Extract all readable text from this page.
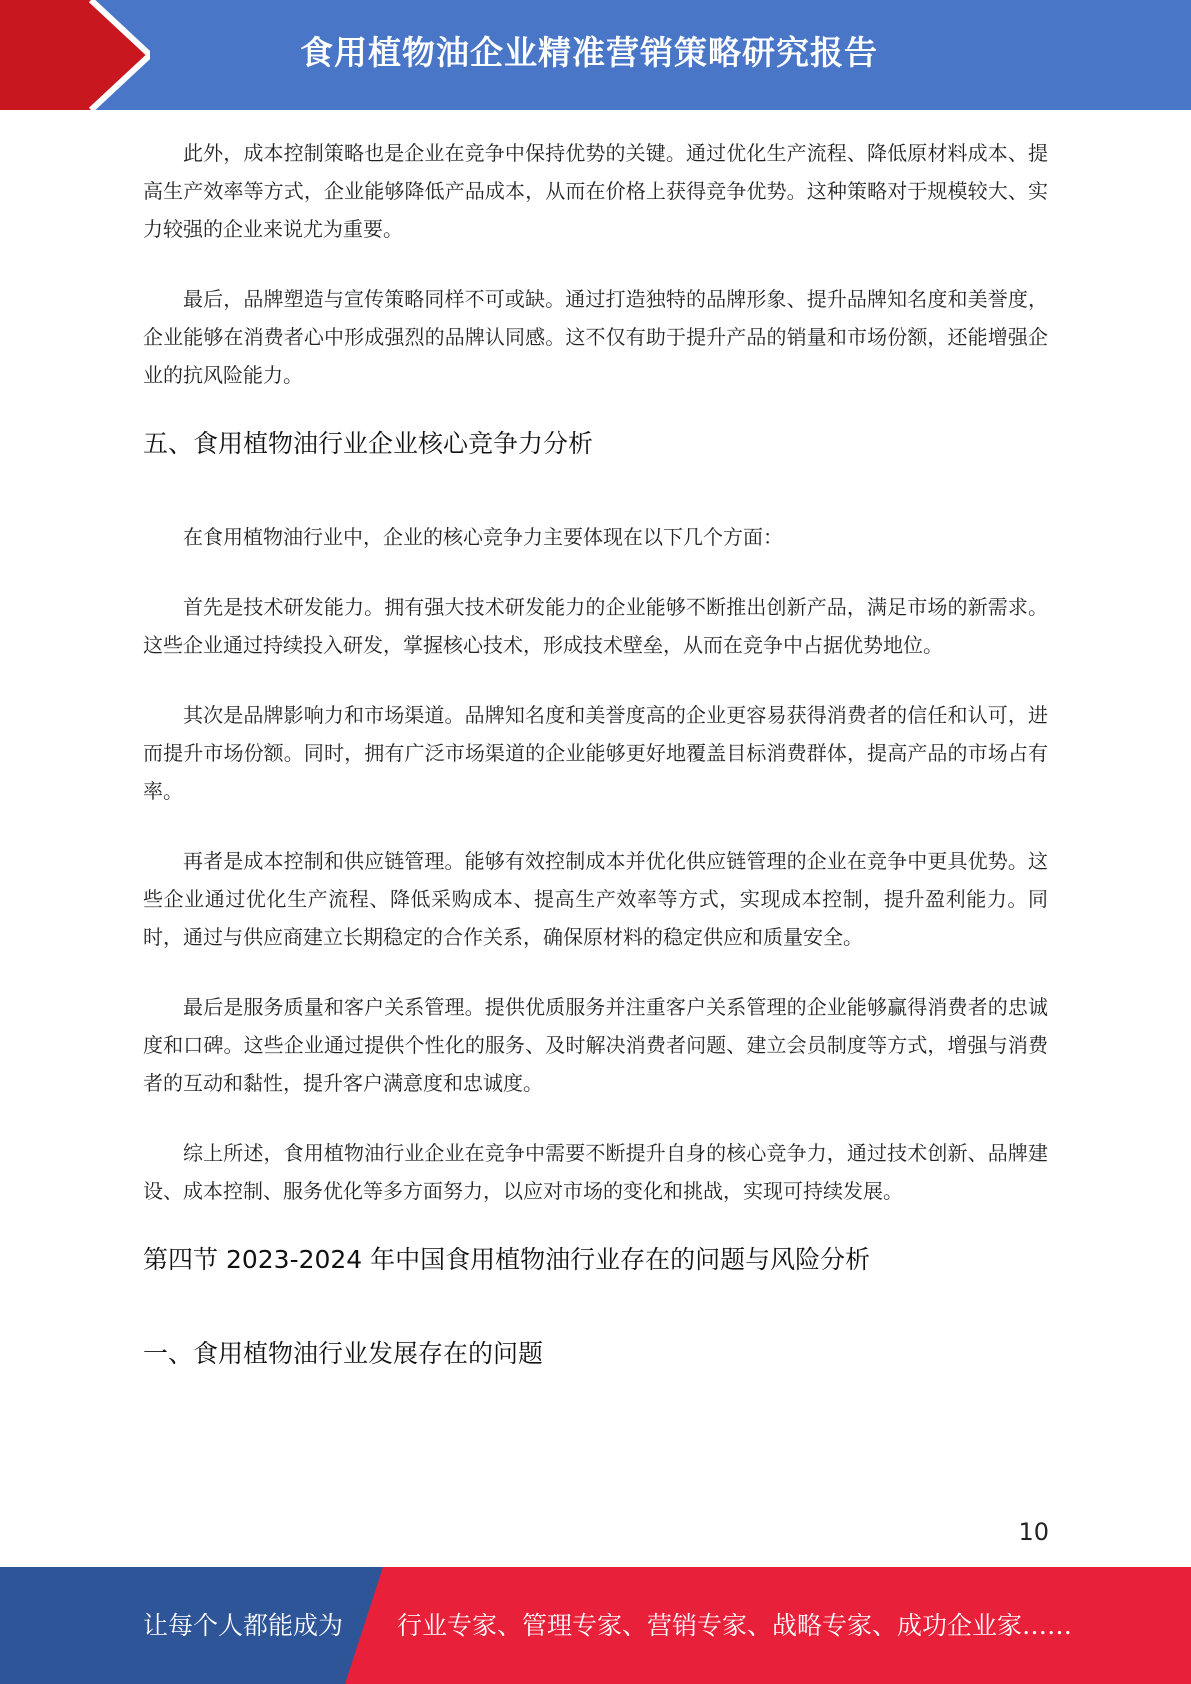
食用植物油企业精准营销策略研究报告

此外，成本控制策略也是企业在竞争中保持优势的关键。通过优化生产流程、降低原材料成本、提高生产效率等方式，企业能够降低产品成本，从而在价格上获得竞争优势。这种策略对于规模较大、实力较强的企业来说尤为重要。

最后，品牌塑造与宣传策略同样不可或缺。通过打造独特的品牌形象、提升品牌知名度和美誉度，企业能够在消费者心中形成强烈的品牌认同感。这不仅有助于提升产品的销量和市场份额，还能增强企业的抗风险能力。

五、食用植物油行业企业核心竞争力分析

在食用植物油行业中，企业的核心竞争力主要体现在以下几个方面：

首先是技术研发能力。拥有强大技术研发能力的企业能够不断推出创新产品，满足市场的新需求。这些企业通过持续投入研发，掌握核心技术，形成技术壁垒，从而在竞争中占据优势地位。

其次是品牌影响力和市场渠道。品牌知名度和美誉度高的企业更容易获得消费者的信任和认可，进而提升市场份额。同时，拥有广泛市场渠道的企业能够更好地覆盖目标消费群体，提高产品的市场占有率。

再者是成本控制和供应链管理。能够有效控制成本并优化供应链管理的企业在竞争中更具优势。这些企业通过优化生产流程、降低采购成本、提高生产效率等方式，实现成本控制，提升盈利能力。同时，通过与供应商建立长期稳定的合作关系，确保原材料的稳定供应和质量安全。

最后是服务质量和客户关系管理。提供优质服务并注重客户关系管理的企业能够赢得消费者的忠诚度和口碑。这些企业通过提供个性化的服务、及时解决消费者问题、建立会员制度等方式，增强与消费者的互动和黏性，提升客户满意度和忠诚度。

综上所述，食用植物油行业企业在竞争中需要不断提升自身的核心竞争力，通过技术创新、品牌建设、成本控制、服务优化等多方面努力，以应对市场的变化和挑战，实现可持续发展。

第四节 2023-2024 年中国食用植物油行业存在的问题与风险分析
一、食用植物油行业发展存在的问题
10
让每个人都能成为 行业专家、管理专家、营销专家、战略专家、成功企业家……
